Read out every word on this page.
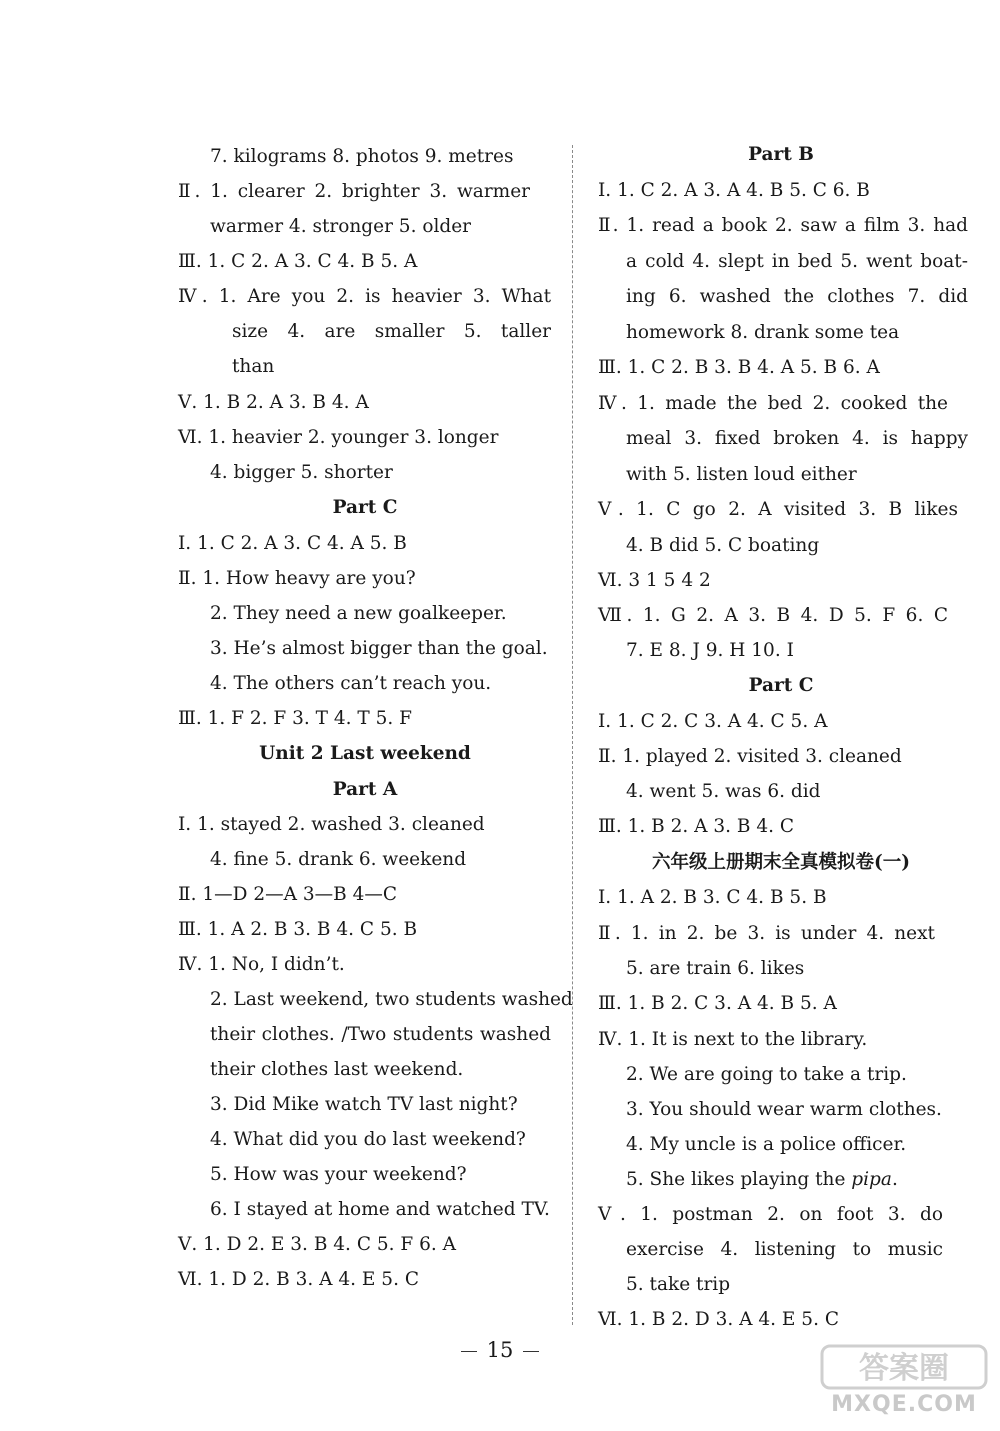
7. kilograms 8. photos 9. metres
Ⅱ. 1. clearer 2. brighter 3. warmer
warmer 4. stronger 5. older
Ⅲ. 1. C 2. A 3. C 4. B 5. A
Ⅳ. 1. Are you 2. is heavier 3. What
size 4. are smaller 5. taller
than
Ⅴ. 1. B 2. A 3. B 4. A
Ⅵ. 1. heavier 2. younger 3. longer
4. bigger 5. shorter
Ⅰ. 1. C 2. A 3. C 4. A 5. B
Ⅱ. 1. How heavy are you?
2. They need a new goalkeeper.
3. He’s almost bigger than the goal.
4. The others can’t reach you.
Ⅲ. 1. F 2. F 3. T 4. T 5. F
Ⅰ. 1. stayed 2. washed 3. cleaned
4. fine 5. drank 6. weekend
Ⅱ. 1—D 2—A 3—B 4—C
Ⅲ. 1. A 2. B 3. B 4. C 5. B
Ⅳ. 1. No, I didn’t.
2. Last weekend, two students washed
their clothes. /Two students washed
their clothes last weekend.
3. Did Mike watch TV last night?
4. What did you do last weekend?
5. How was your weekend?
6. I stayed at home and watched TV.
Ⅴ. 1. D 2. E 3. B 4. C 5. F 6. A
Ⅵ. 1. D 2. B 3. A 4. E 5. C
Part C
Unit 2 Last weekend
Part A
Ⅰ. 1. C 2. A 3. A 4. B 5. C 6. B
Ⅱ. 1. read a book 2. saw a film 3. had
a cold 4. slept in bed 5. went boat-
ing 6. washed the clothes 7. did
homework 8. drank some tea
Ⅲ. 1. C 2. B 3. B 4. A 5. B 6. A
Ⅳ. 1. made the bed 2. cooked the
meal 3. fixed broken 4. is happy
with 5. listen loud either
Ⅴ. 1. C go 2. A visited 3. B likes
4. B did 5. C boating
Ⅵ. 3 1 5 4 2
Ⅶ. 1. G 2. A 3. B 4. D 5. F 6. C
7. E 8. J 9. H 10. I
Ⅰ. 1. C 2. C 3. A 4. C 5. A
Ⅱ. 1. played 2. visited 3. cleaned
4. went 5. was 6. did
Ⅲ. 1. B 2. A 3. B 4. C
Ⅰ. 1. A 2. B 3. C 4. B 5. B
Ⅱ. 1. in 2. be 3. is under 4. next
5. are train 6. likes
Ⅲ. 1. B 2. C 3. A 4. B 5. A
Ⅳ. 1. It is next to the library.
2. We are going to take a trip.
3. You should wear warm clothes.
4. My uncle is a police officer.
5. She likes playing the pipa.
Ⅴ. 1. postman 2. on foot 3. do
exercise 4. listening to music
5. take trip
Ⅵ. 1. B 2. D 3. A 4. E 5. C
Part B
Part C
六年级上册期末全真模拟卷(一)
15
答案圈
MXQE.COM
